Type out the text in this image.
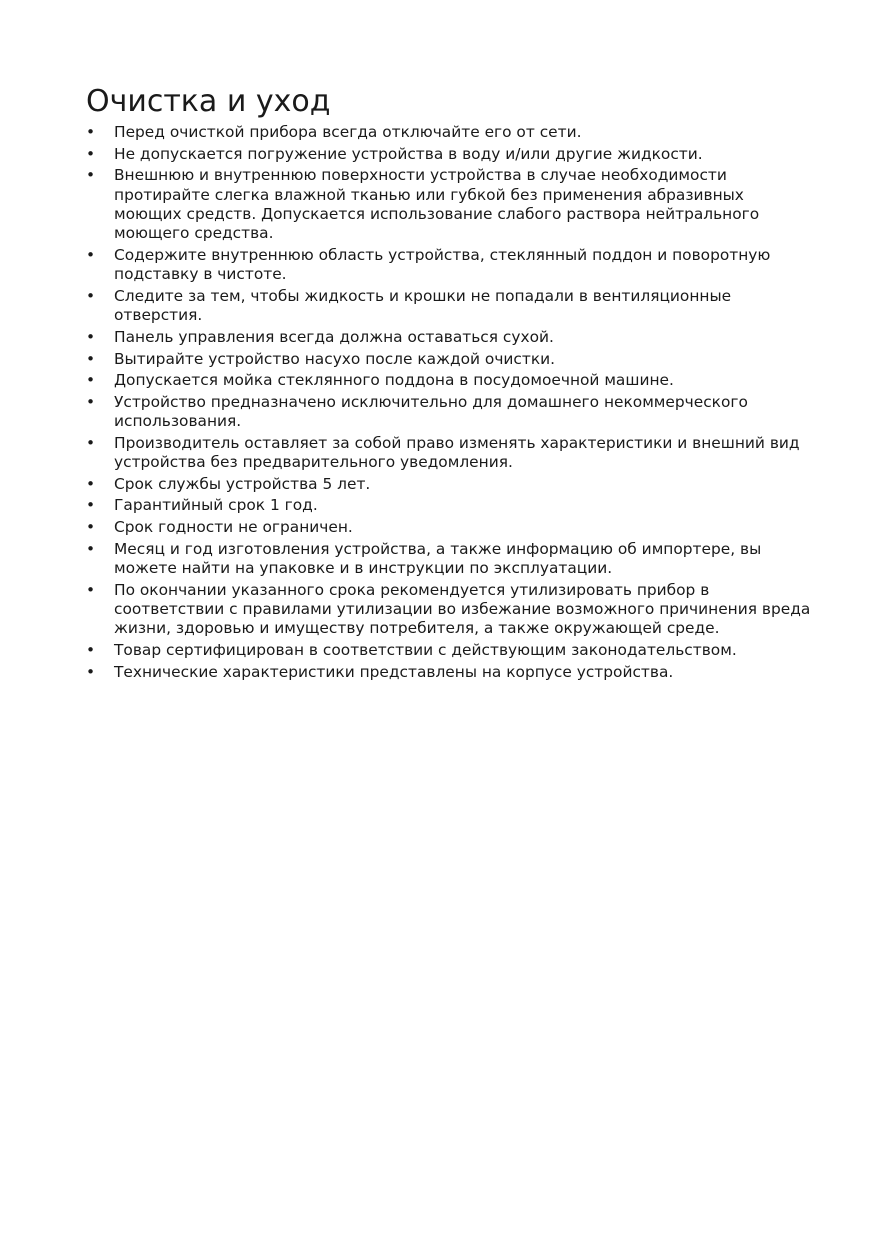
Очистка и уход
• Перед очисткой прибора всегда отключайте его от сети.
• Не допускается погружение устройства в воду и/или другие жидкости.
• Внешнюю и внутреннюю поверхности устройства в случае необходимости протирайте слегка влажной тканью или губкой без применения абразивных моющих средств. Допускается использование слабого раствора нейтрального моющего средства.
• Содержите внутреннюю область устройства, стеклянный поддон и поворотную подставку в чистоте.
• Следите за тем, чтобы жидкость и крошки не попадали в вентиляционные отверстия.
• Панель управления всегда должна оставаться сухой.
• Вытирайте устройство насухо после каждой очистки.
• Допускается мойка стеклянного поддона в посудомоечной машине.
• Устройство предназначено исключительно для домашнего некоммерческого использования.
• Производитель оставляет за собой право изменять характеристики и внешний вид устройства без предварительного уведомления.
• Срок службы устройства 5 лет.
• Гарантийный срок 1 год.
• Срок годности не ограничен.
• Месяц и год изготовления устройства, а также информацию об импортере, вы можете найти на упаковке и в инструкции по эксплуатации.
• По окончании указанного срока рекомендуется утилизировать прибор в соответствии с правилами утилизации во избежание возможного причинения вреда жизни, здоровью и имуществу потребителя, а также окружающей среде.
• Товар сертифицирован в соответствии с действующим законодательством.
• Технические характеристики представлены на корпусе устройства.
